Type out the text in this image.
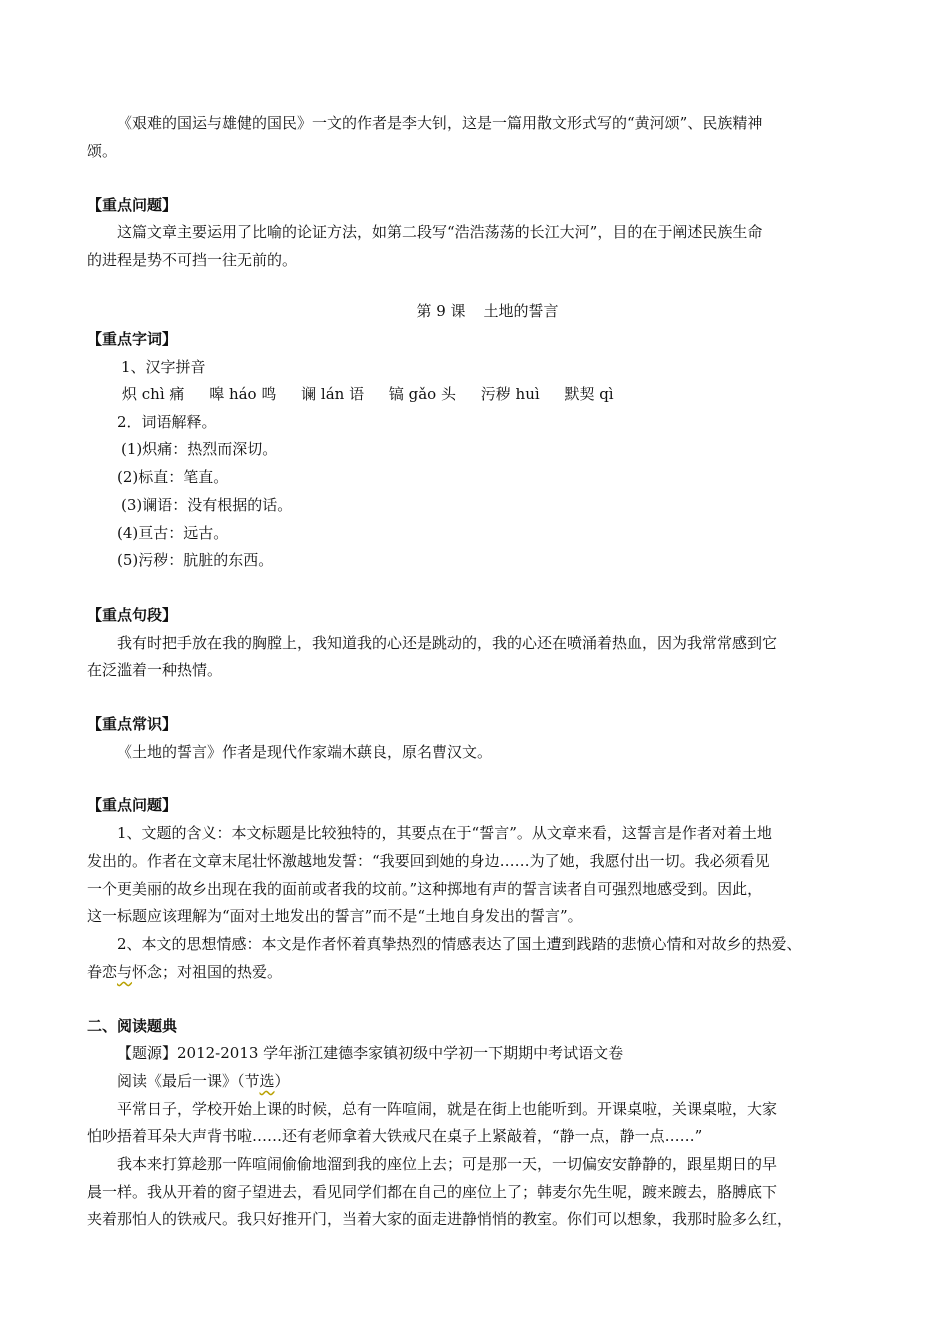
《艰难的国运与雄健的国民》一文的作者是李大钊，这是一篇用散文形式写的“黄河颂”、民族精神
颂。
【重点问题】
这篇文章主要运用了比喻的论证方法，如第二段写“浩浩荡荡的长江大河”，目的在于阐述民族生命
的进程是势不可挡一往无前的。
第 9 课 土地的誓言
【重点字词】
1、汉字拼音
炽 chì 痛 嗥 háo 鸣 谰 lán 语 镐 gǎo 头 污秽 huì 默契 qì
2．词语解释。
(1)炽痛：热烈而深切。
(2)标直：笔直。
(3)谰语：没有根据的话。
(4)亘古：远古。
(5)污秽：肮脏的东西。
【重点句段】
我有时把手放在我的胸膛上，我知道我的心还是跳动的，我的心还在喷涌着热血，因为我常常感到它
在泛滥着一种热情。
【重点常识】
《土地的誓言》作者是现代作家端木蕻良，原名曹汉文。
【重点问题】
1、文题的含义：本文标题是比较独特的，其要点在于“誓言”。从文章来看，这誓言是作者对着土地
发出的。作者在文章末尾壮怀激越地发誓：“我要回到她的身边……为了她，我愿付出一切。我必须看见
一个更美丽的故乡出现在我的面前或者我的坟前。”这种掷地有声的誓言读者自可强烈地感受到。因此，
这一标题应该理解为“面对土地发出的誓言”而不是“土地自身发出的誓言”。
2、本文的思想情感：本文是作者怀着真挚热烈的情感表达了国土遭到践踏的悲愤心情和对故乡的热爱、
眷恋与怀念；对祖国的热爱。
二、阅读题典
【题源】2012-2013 学年浙江建德李家镇初级中学初一下期期中考试语文卷
阅读《最后一课》（节选）
平常日子，学校开始上课的时候，总有一阵喧闹，就是在街上也能听到。开课桌啦，关课桌啦，大家
怕吵捂着耳朵大声背书啦……还有老师拿着大铁戒尺在桌子上紧敲着，“静一点，静一点……”
我本来打算趁那一阵喧闹偷偷地溜到我的座位上去；可是那一天，一切偏安安静静的，跟星期日的早
晨一样。我从开着的窗子望进去，看见同学们都在自己的座位上了；韩麦尔先生呢，踱来踱去，胳膊底下
夹着那怕人的铁戒尺。我只好推开门，当着大家的面走进静悄悄的教室。你们可以想象，我那时脸多么红，
